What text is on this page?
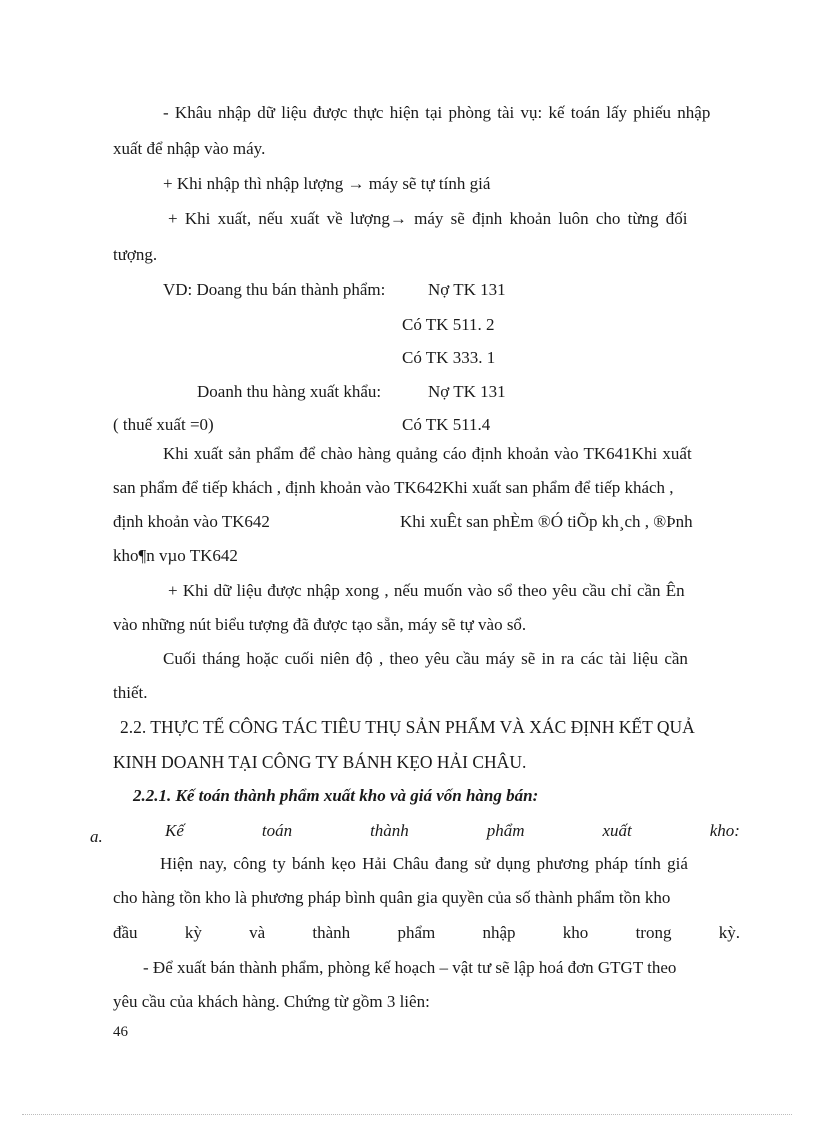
- Khâu nhập dữ liệu được thực hiện tại phòng tài vụ: kế toán lấy phiếu nhập
xuất để nhập vào máy.
+ Khi nhập thì nhập lượng → máy sẽ tự tính giá
+ Khi xuất, nếu xuất về lượng→ máy sẽ định khoản luôn cho từng đối
tượng.
VD: Doang thu bán thành phẩm:	Nợ TK 131
Có TK 511. 2
Có TK 333. 1
Doanh thu hàng xuất khẩu:	Nợ TK 131
( thuế xuất =0)	Có TK 511.4
Khi xuất sản phẩm để chào hàng quảng cáo định khoản vào TK641Khi xuất
san phẩm để tiếp khách , định khoản vào TK642Khi xuất san phẩm để tiếp khách ,
định khoản vào TK642	Khi xuÊt san phÈm ®Ó tiÕp kh¸ch , ®Þnh
kho¶n vµo TK642
+ Khi dữ liệu được nhập xong , nếu muốn vào sổ theo yêu cầu chỉ cần Ên
vào những nút biểu tượng đã được tạo sẵn, máy sẽ tự vào sổ.
Cuối tháng hoặc cuối niên độ , theo yêu cầu máy sẽ in ra các tài liệu cần
thiết.
2.2. THỰC TẾ CÔNG TÁC TIÊU THỤ SẢN PHẨM VÀ XÁC ĐỊNH KẾT QUẢ
KINH DOANH TẠI CÔNG TY BÁNH KẸO HẢI CHÂU.
2.2.1. Kế toán thành phẩm xuất kho và giá vốn hàng bán:
a.	Kế	toán	thành	phẩm	xuất	kho:
Hiện nay, công ty bánh kẹo Hải Châu đang sử dụng phương pháp tính giá
cho hàng tồn kho là phương pháp bình quân gia quyền của số thành phẩm tồn kho
đầu	kỳ	và	thành	phẩm	nhập	kho	trong	kỳ.
- Để xuất bán thành phẩm, phòng kế hoạch – vật tư sẽ lập hoá đơn GTGT theo
yêu cầu của khách hàng. Chứng từ gồm 3 liên:
46
